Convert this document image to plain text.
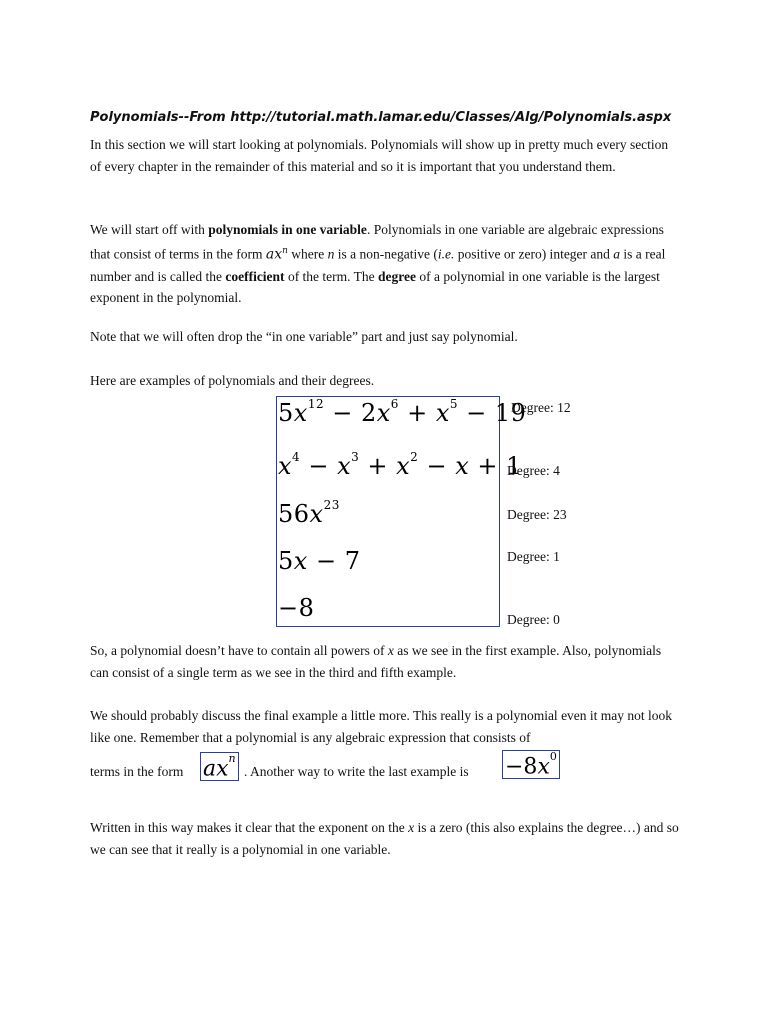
Polynomials--From http://tutorial.math.lamar.edu/Classes/Alg/Polynomials.aspx

In this section we will start looking at polynomials. Polynomials will show up in pretty much every section of every chapter in the remainder of this material and so it is important that you understand them.

We will start off with polynomials in one variable. Polynomials in one variable are algebraic expressions that consist of terms in the form $ax^n$ where n is a non-negative (i.e. positive or zero) integer and a is a real number and is called the coefficient of the term. The degree of a polynomial in one variable is the largest exponent in the polynomial.

Note that we will often drop the “in one variable” part and just say polynomial.

Here are examples of polynomials and their degrees.

$5x^{12} - 2x^6 + x^5 - 19$
$x^4 - x^3 + x^2 - x + 1$
$56x^{23}$
5x − 7
−8
Degree: 12
Degree: 4
Degree: 23
Degree: 1
Degree: 0

So, a polynomial doesn’t have to contain all powers of x as we see in the first example. Also, polynomials can consist of a single term as we see in the third and fifth example.

We should probably discuss the final example a little more. This really is a polynomial even it may not look like one. Remember that a polynomial is any algebraic expression that consists of

terms in the form $ax^n$
. Another way to write the last example is $-8x^0$

Written in this way makes it clear that the exponent on the x is a zero (this also explains the degree…) and so we can see that it really is a polynomial in one variable.
